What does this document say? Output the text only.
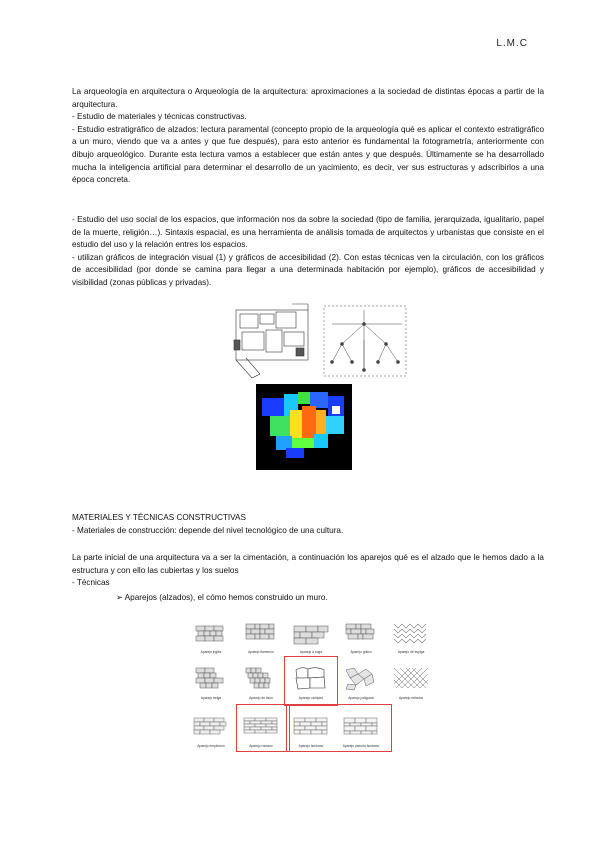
L.M.C

La arqueología en arquitectura o Arqueología de la arquitectura: aproximaciones a la sociedad de distintas épocas a partir de la arquitectura.

- Estudio de materiales y técnicas constructivas.

- Estudio estratigráfico de alzados: lectura paramental (concepto propio de la arqueología qué es aplicar el contexto estratigráfico a un muro, viendo que va a antes y que fue después), para esto anterior es fundamental la fotogrametría, anteriormente con dibujo arqueológico. Durante esta lectura vamos a establecer que están antes y que después. Últimamente se ha desarrollado mucha la inteligencia artificial para determinar el desarrollo de un yacimiento, es decir, ver sus estructuras y adscribirlos a una época concreta.

- Estudio del uso social de los espacios, que información nos da sobre la sociedad (tipo de familia, jerarquizada, igualitario, papel de la muerte, religión…). Sintaxis espacial, es una herramienta de análisis tomada de arquitectos y urbanistas que consiste en el estudio del uso y la relación entres los espacios.

- utilizan gráficos de integración visual (1) y gráficos de accesibilidad (2). Con estas técnicas ven la circulación, con los gráficos de accesibilidad (por donde se camina para llegar a una determinada habitación por ejemplo), gráficos de accesibilidad y visibilidad (zonas públicas y privadas).

MATERIALES Y TÉCNICAS CONSTRUCTIVAS

- Materiales de construcción: depende del nivel tecnológico de una cultura.

La parte inicial de una arquitectura va a ser la cimentación, a continuación los aparejos qué es el alzado que le hemos dado a la estructura y con ello las cubiertas y los suelos

- Técnicas

➢ Aparejos (alzados), el cómo hemos construido un muro.

Aparejo inglés	Aparejo flamenco	Aparejo a soga	Aparejo gótico	Aparejo de espiga
Aparejo belga	Aparejo de tizón	Aparejo ciclópeo	Aparejo poligonal	Aparejo reticular
Aparejo emplecton	Aparejo romano	Aparejo isódomo	Aparejo pseudo isódomo
